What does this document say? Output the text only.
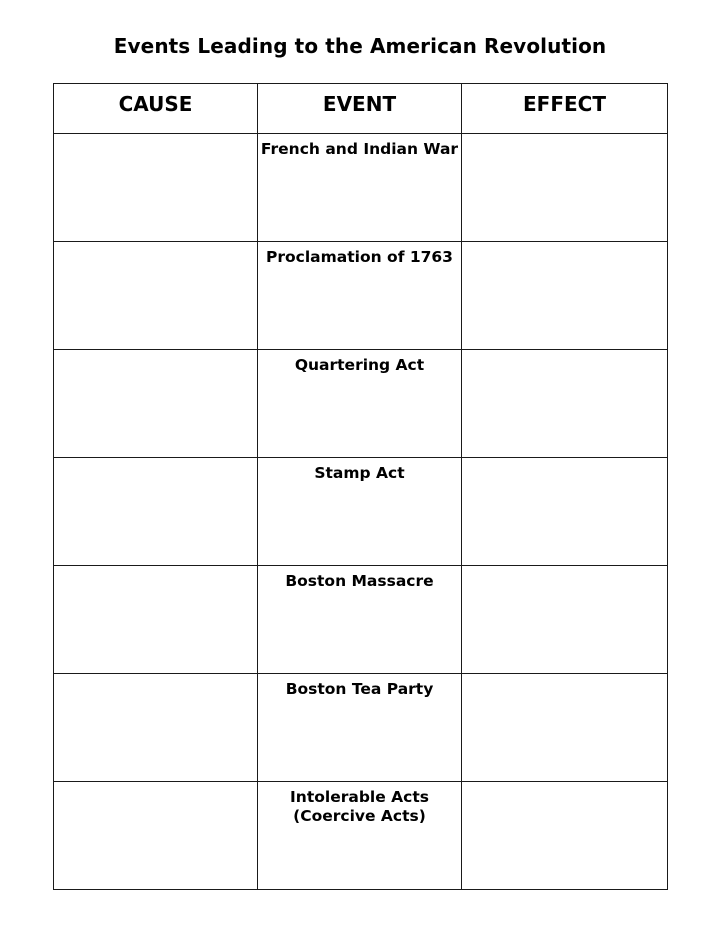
Events Leading to the American Revolution
CAUSE	EVENT	EFFECT

	French and Indian War	

	Proclamation of 1763	

	Quartering Act	

	Stamp Act	

	Boston Massacre	

	Boston Tea Party	

	Intolerable Acts
(Coercive Acts)	
